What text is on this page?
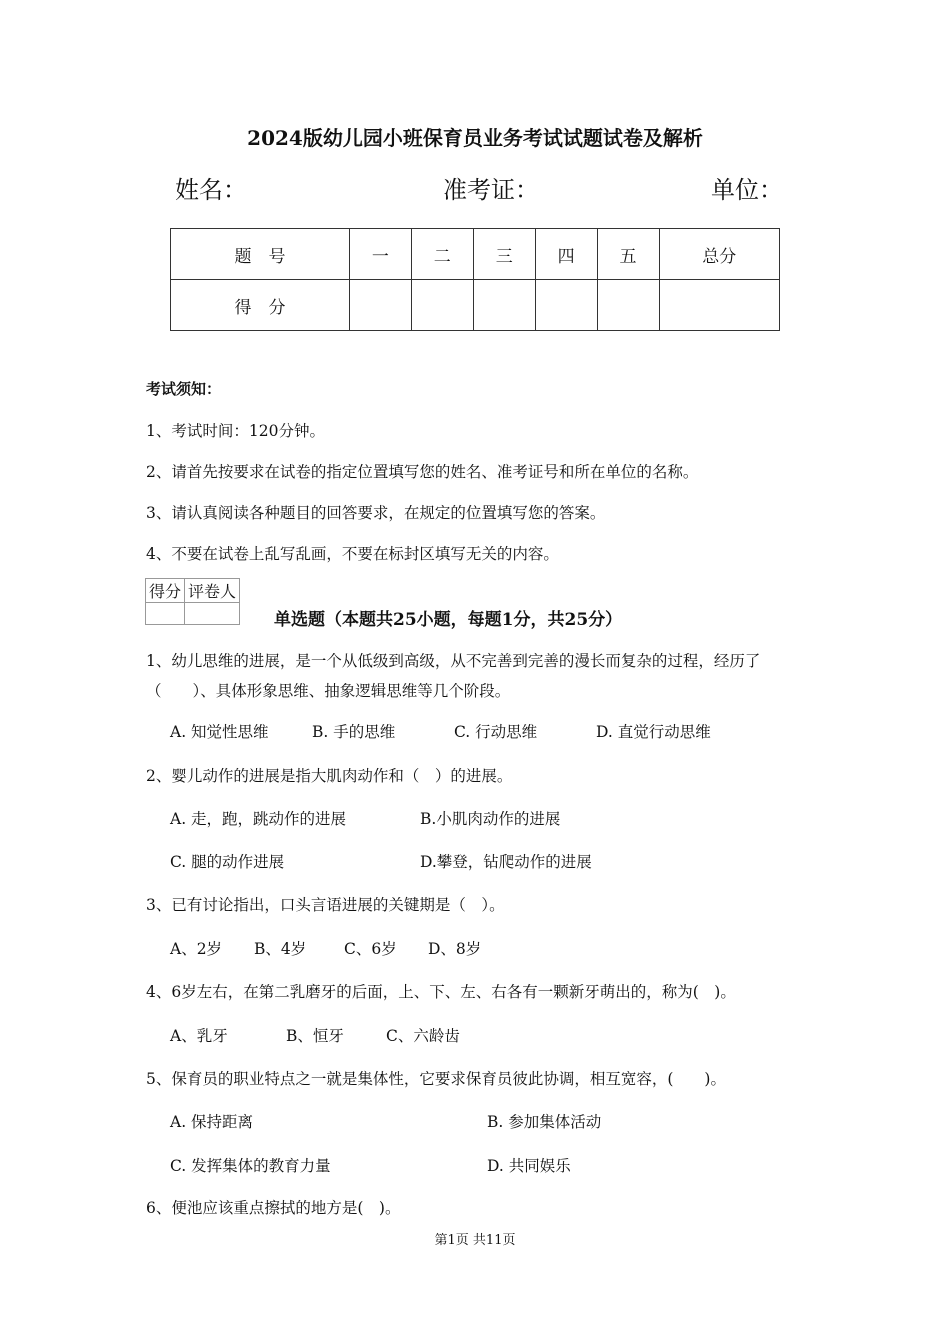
2024版幼儿园小班保育员业务考试试题试卷及解析
姓名：	准考证：	单位：
题　号	一	二	三	四	五	总分
得　分						
考试须知：
1、考试时间：120分钟。
2、请首先按要求在试卷的指定位置填写您的姓名、准考证号和所在单位的名称。
3、请认真阅读各种题目的回答要求，在规定的位置填写您的答案。
4、不要在试卷上乱写乱画，不要在标封区填写无关的内容。
得分	评卷人

单选题（本题共25小题，每题1分，共25分）
1、幼儿思维的进展，是一个从低级到高级，从不完善到完善的漫长而复杂的过程，经历了
（　　）、具体形象思维、抽象逻辑思维等几个阶段。
A. 知觉性思维	B. 手的思维	C. 行动思维	D. 直觉行动思维
2、婴儿动作的进展是指大肌肉动作和（　）的进展。
A. 走，跑，跳动作的进展	B.小肌肉动作的进展
C. 腿的动作进展	D.攀登，钻爬动作的进展
3、已有讨论指出，口头言语进展的关键期是（　）。
A、2岁 B、4岁 C、6岁 D、8岁
4、6岁左右，在第二乳磨牙的后面，上、下、左、右各有一颗新牙萌出的，称为(　)。
A、乳牙	B、恒牙	C、六龄齿
5、保育员的职业特点之一就是集体性，它要求保育员彼此协调，相互宽容，(　　)。
A. 保持距离	B. 参加集体活动
C. 发挥集体的教育力量	D. 共同娱乐
6、便池应该重点擦拭的地方是(　)。
第1页 共11页
